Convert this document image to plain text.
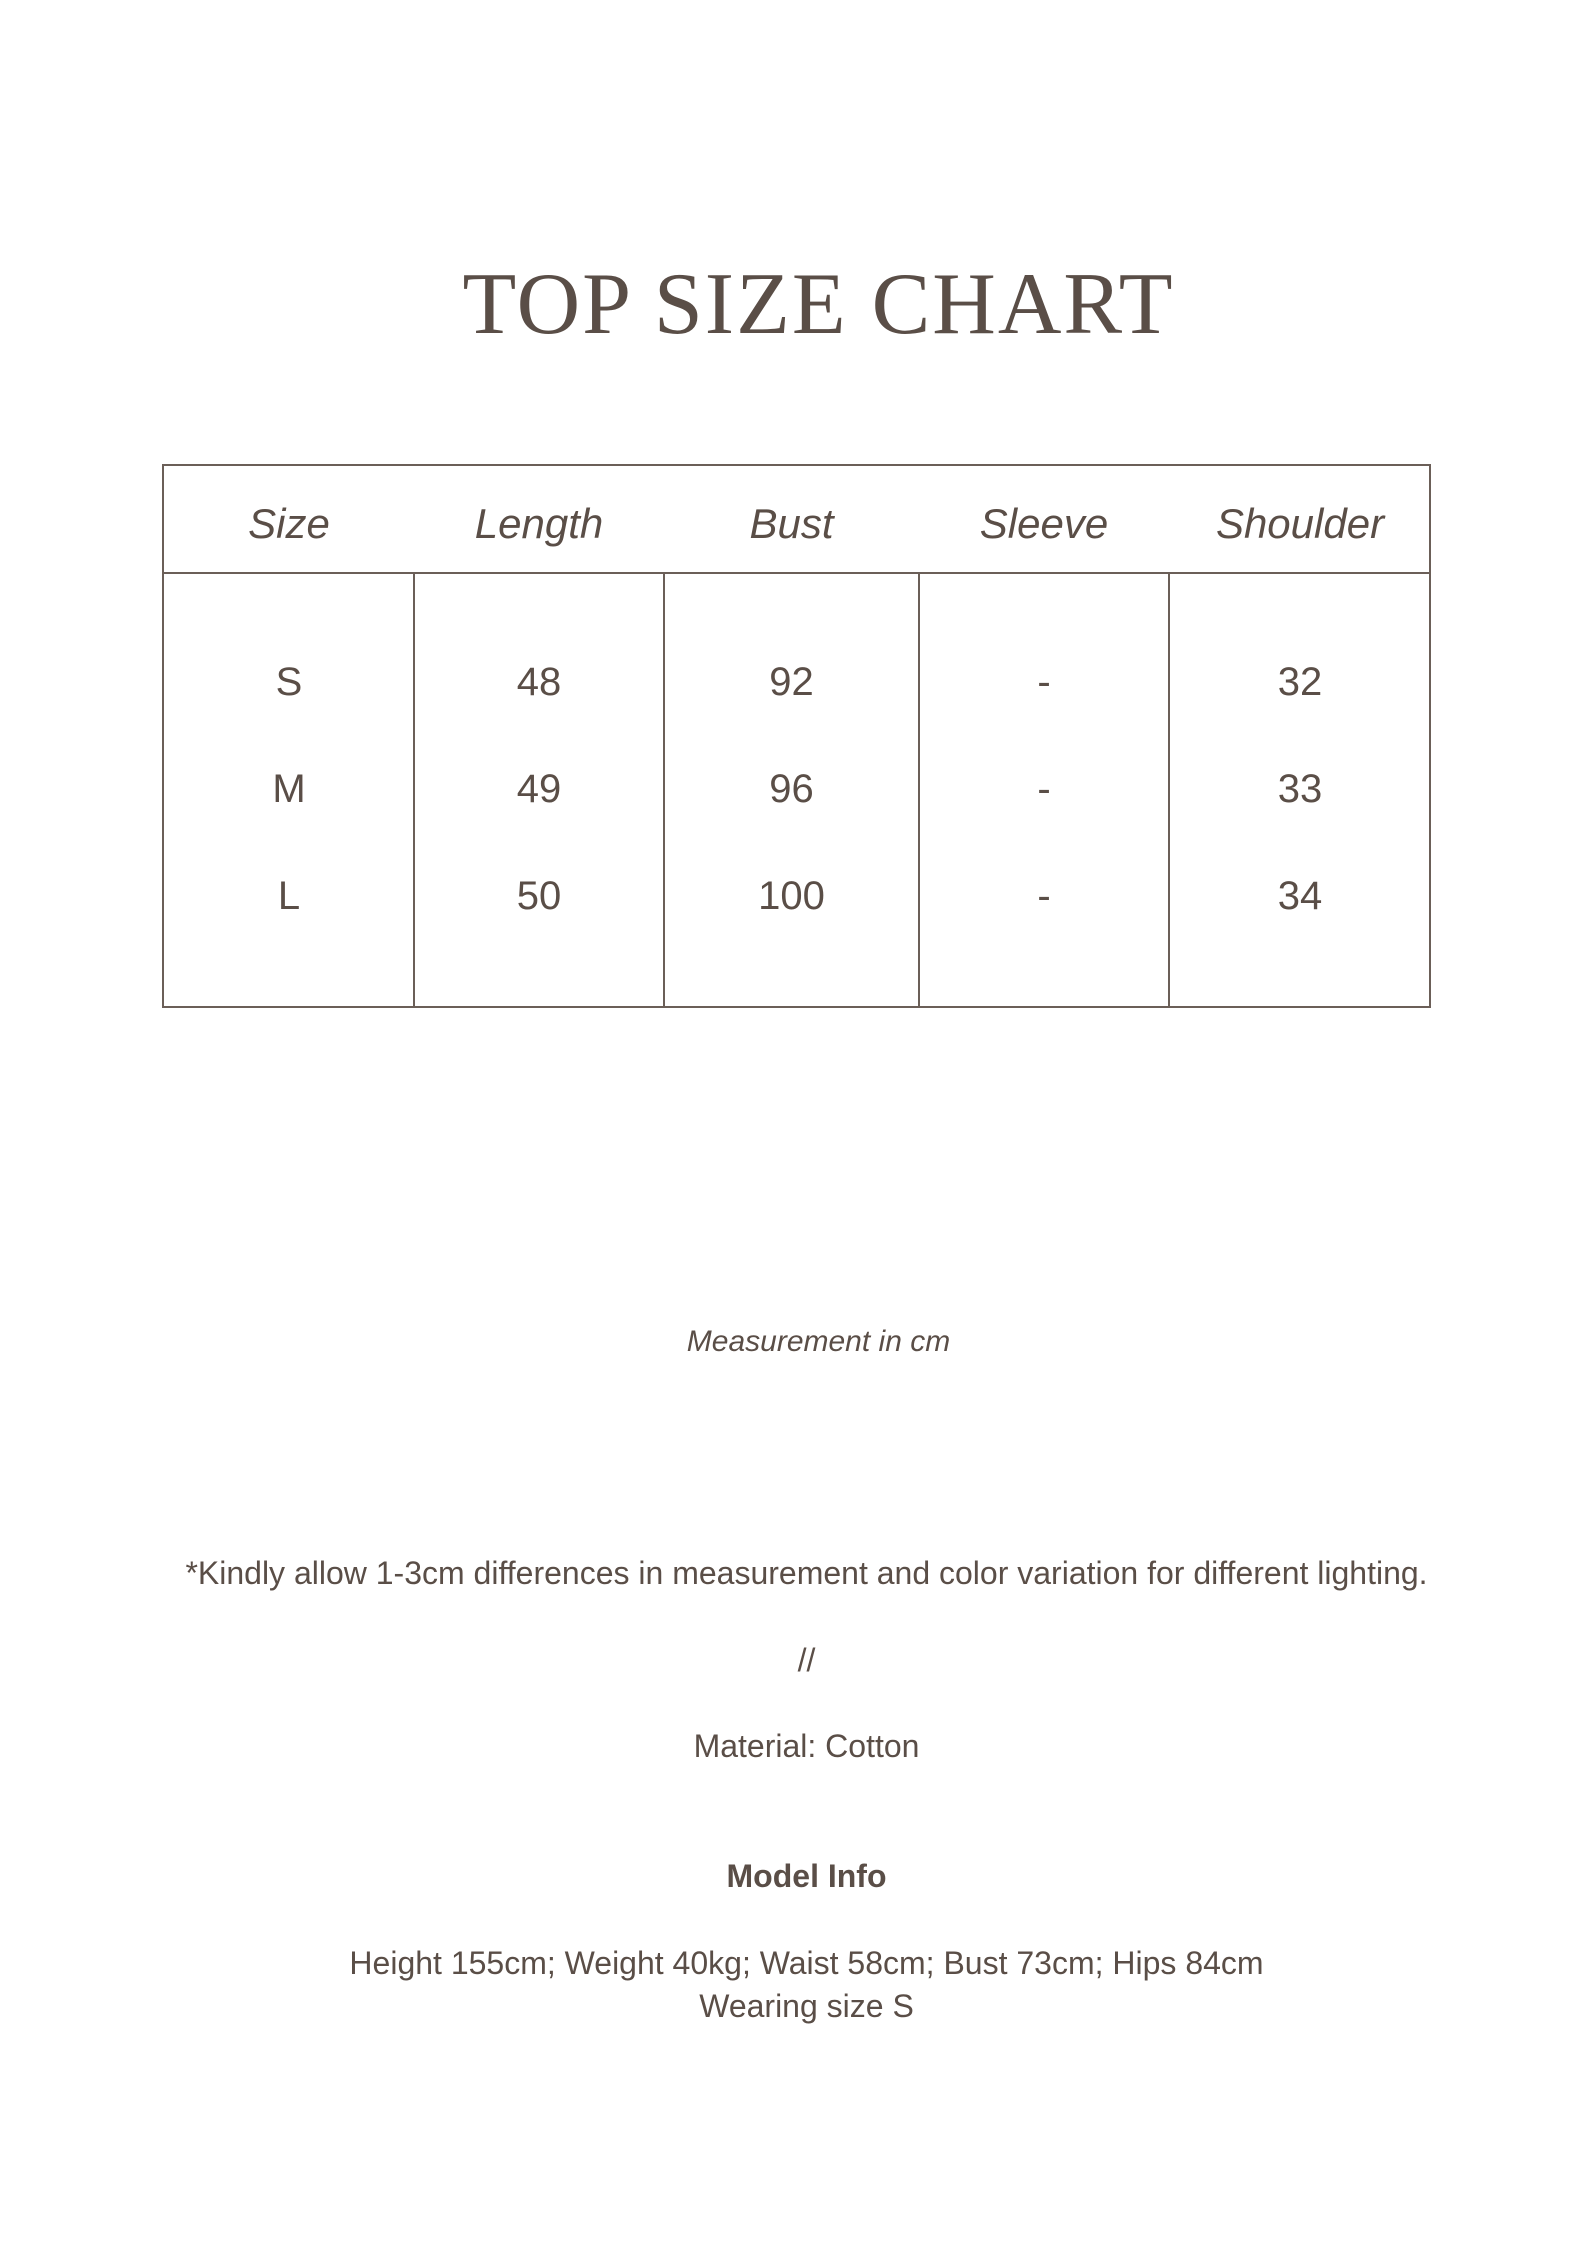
TOP SIZE CHART
Size	Length	Bust	Sleeve	Shoulder
S	48	92	-	32
M	49	96	-	33
L	50	100	-	34
Measurement in cm
*Kindly allow 1-3cm differences in measurement and color variation for different lighting.
//
Material: Cotton
Model Info
Height 155cm; Weight 40kg; Waist 58cm; Bust 73cm; Hips 84cm
Wearing size S
